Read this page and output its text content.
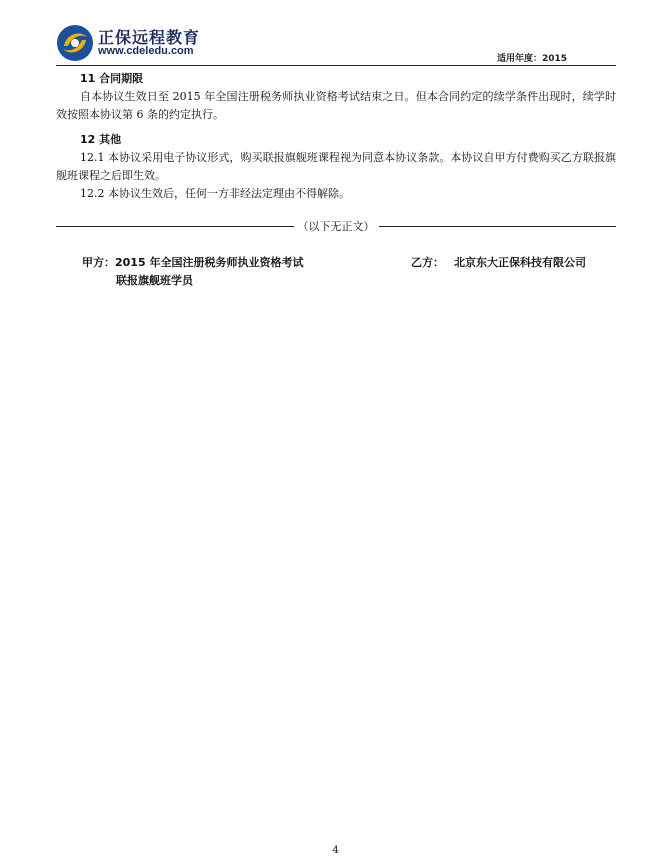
正保远程教育
www.cdeledu.com
适用年度：2015
11 合同期限
自本协议生效日至 2015 年全国注册税务师执业资格考试结束之日。但本合同约定的续学条件出现时，续学时效按照本协议第 6 条的约定执行。
12 其他
12.1 本协议采用电子协议形式，购买联报旗舰班课程视为同意本协议条款。本协议自甲方付费购买乙方联报旗舰班课程之后即生效。
12.2 本协议生效后，任何一方非经法定理由不得解除。
（以下无正文）
甲方：2015 年全国注册税务师执业资格考试
联报旗舰班学员
乙方： 北京东大正保科技有限公司
4
